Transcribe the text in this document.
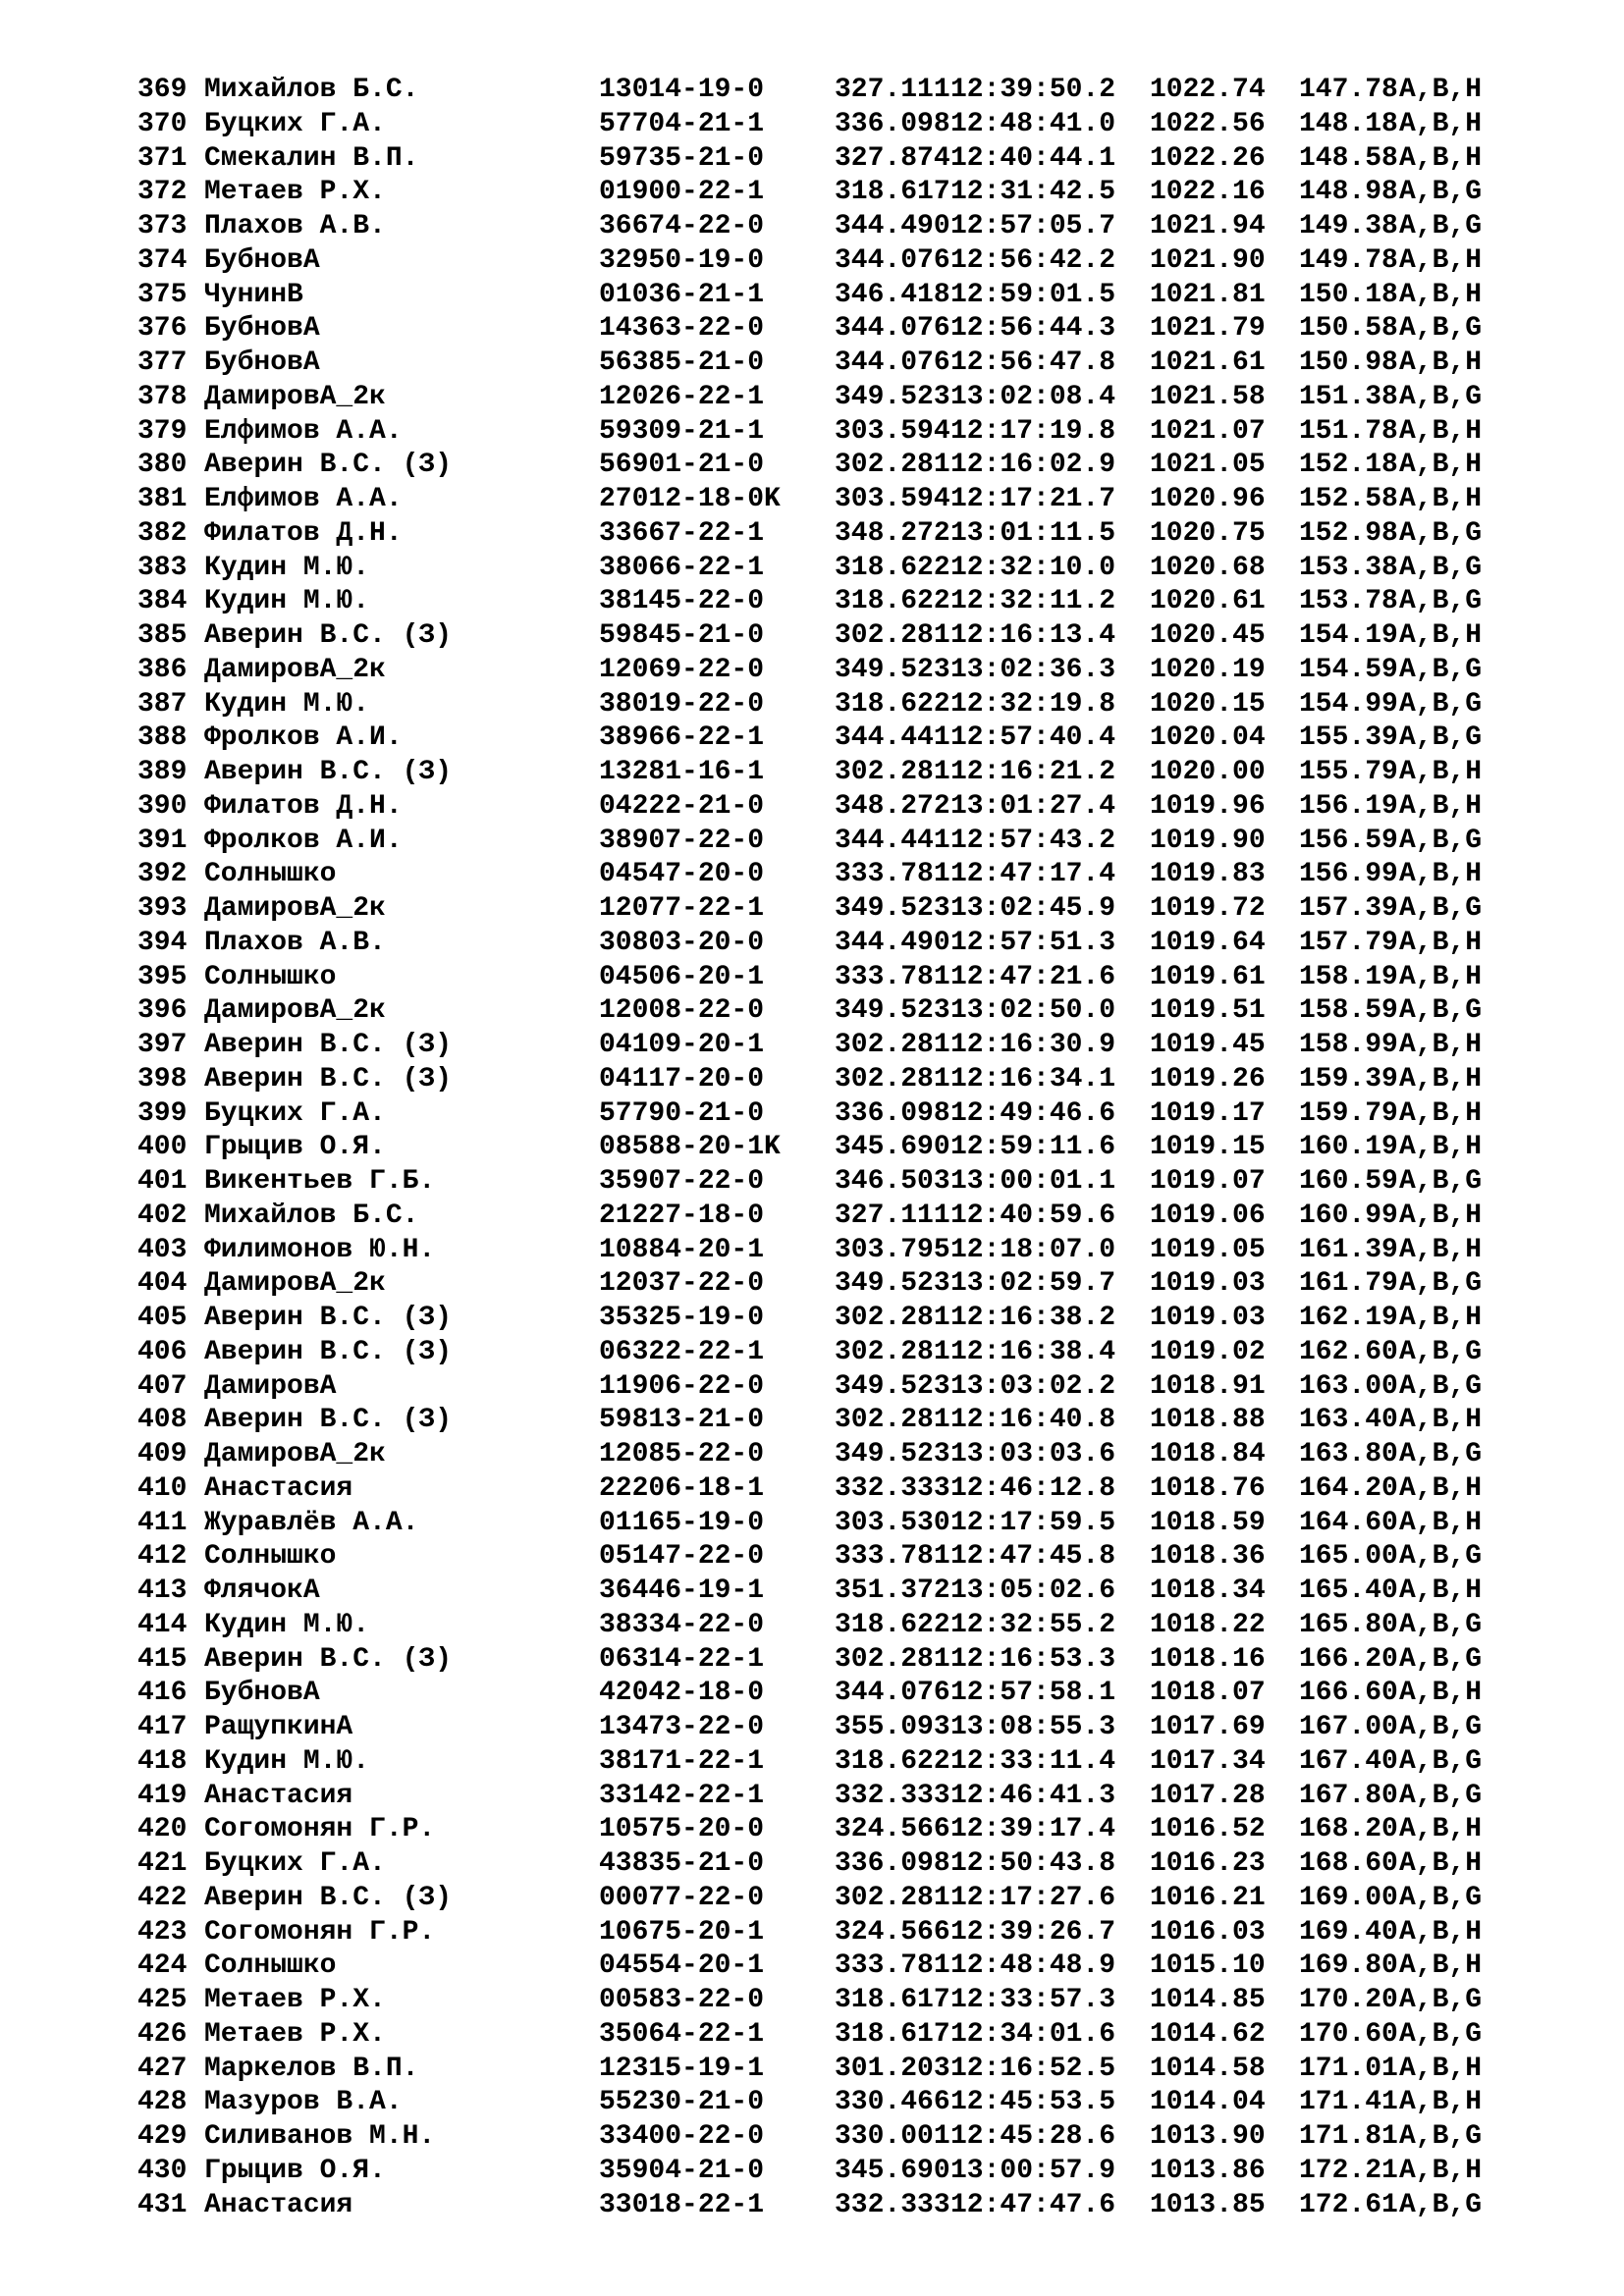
369	Михайлов Б.С.	13014-19-0	327.111	12:39:50.2	1022.74	147.78	A,B,H
370	Буцких Г.А.	57704-21-1	336.098	12:48:41.0	1022.56	148.18	A,B,H
371	Смекалин В.П.	59735-21-0	327.874	12:40:44.1	1022.26	148.58	A,B,H
372	Метаев Р.Х.	01900-22-1	318.617	12:31:42.5	1022.16	148.98	A,B,G
373	Плахов А.В.	36674-22-0	344.490	12:57:05.7	1021.94	149.38	A,B,G
374	БубновА	32950-19-0	344.076	12:56:42.2	1021.90	149.78	A,B,H
375	ЧунинВ	01036-21-1	346.418	12:59:01.5	1021.81	150.18	A,B,H
376	БубновА	14363-22-0	344.076	12:56:44.3	1021.79	150.58	A,B,G
377	БубновА	56385-21-0	344.076	12:56:47.8	1021.61	150.98	A,B,H
378	ДамировА_2к	12026-22-1	349.523	13:02:08.4	1021.58	151.38	A,B,G
379	Елфимов А.А.	59309-21-1	303.594	12:17:19.8	1021.07	151.78	A,B,H
380	Аверин В.С. (З)	56901-21-0	302.281	12:16:02.9	1021.05	152.18	A,B,H
381	Елфимов А.А.	27012-18-0K	303.594	12:17:21.7	1020.96	152.58	A,B,H
382	Филатов Д.Н.	33667-22-1	348.272	13:01:11.5	1020.75	152.98	A,B,G
383	Кудин М.Ю.	38066-22-1	318.622	12:32:10.0	1020.68	153.38	A,B,G
384	Кудин М.Ю.	38145-22-0	318.622	12:32:11.2	1020.61	153.78	A,B,G
385	Аверин В.С. (З)	59845-21-0	302.281	12:16:13.4	1020.45	154.19	A,B,H
386	ДамировА_2к	12069-22-0	349.523	13:02:36.3	1020.19	154.59	A,B,G
387	Кудин М.Ю.	38019-22-0	318.622	12:32:19.8	1020.15	154.99	A,B,G
388	Фролков А.И.	38966-22-1	344.441	12:57:40.4	1020.04	155.39	A,B,G
389	Аверин В.С. (З)	13281-16-1	302.281	12:16:21.2	1020.00	155.79	A,B,H
390	Филатов Д.Н.	04222-21-0	348.272	13:01:27.4	1019.96	156.19	A,B,H
391	Фролков А.И.	38907-22-0	344.441	12:57:43.2	1019.90	156.59	A,B,G
392	Солнышко	04547-20-0	333.781	12:47:17.4	1019.83	156.99	A,B,H
393	ДамировА_2к	12077-22-1	349.523	13:02:45.9	1019.72	157.39	A,B,G
394	Плахов А.В.	30803-20-0	344.490	12:57:51.3	1019.64	157.79	A,B,H
395	Солнышко	04506-20-1	333.781	12:47:21.6	1019.61	158.19	A,B,H
396	ДамировА_2к	12008-22-0	349.523	13:02:50.0	1019.51	158.59	A,B,G
397	Аверин В.С. (З)	04109-20-1	302.281	12:16:30.9	1019.45	158.99	A,B,H
398	Аверин В.С. (З)	04117-20-0	302.281	12:16:34.1	1019.26	159.39	A,B,H
399	Буцких Г.А.	57790-21-0	336.098	12:49:46.6	1019.17	159.79	A,B,H
400	Грыцив О.Я.	08588-20-1K	345.690	12:59:11.6	1019.15	160.19	A,B,H
401	Викентьев Г.Б.	35907-22-0	346.503	13:00:01.1	1019.07	160.59	A,B,G
402	Михайлов Б.С.	21227-18-0	327.111	12:40:59.6	1019.06	160.99	A,B,H
403	Филимонов Ю.Н.	10884-20-1	303.795	12:18:07.0	1019.05	161.39	A,B,H
404	ДамировА_2к	12037-22-0	349.523	13:02:59.7	1019.03	161.79	A,B,G
405	Аверин В.С. (З)	35325-19-0	302.281	12:16:38.2	1019.03	162.19	A,B,H
406	Аверин В.С. (З)	06322-22-1	302.281	12:16:38.4	1019.02	162.60	A,B,G
407	ДамировА	11906-22-0	349.523	13:03:02.2	1018.91	163.00	A,B,G
408	Аверин В.С. (З)	59813-21-0	302.281	12:16:40.8	1018.88	163.40	A,B,H
409	ДамировА_2к	12085-22-0	349.523	13:03:03.6	1018.84	163.80	A,B,G
410	Анастасия	22206-18-1	332.333	12:46:12.8	1018.76	164.20	A,B,H
411	Журавлёв А.А.	01165-19-0	303.530	12:17:59.5	1018.59	164.60	A,B,H
412	Солнышко	05147-22-0	333.781	12:47:45.8	1018.36	165.00	A,B,G
413	ФлячокА	36446-19-1	351.372	13:05:02.6	1018.34	165.40	A,B,H
414	Кудин М.Ю.	38334-22-0	318.622	12:32:55.2	1018.22	165.80	A,B,G
415	Аверин В.С. (З)	06314-22-1	302.281	12:16:53.3	1018.16	166.20	A,B,G
416	БубновА	42042-18-0	344.076	12:57:58.1	1018.07	166.60	A,B,H
417	РащупкинА	13473-22-0	355.093	13:08:55.3	1017.69	167.00	A,B,G
418	Кудин М.Ю.	38171-22-1	318.622	12:33:11.4	1017.34	167.40	A,B,G
419	Анастасия	33142-22-1	332.333	12:46:41.3	1017.28	167.80	A,B,G
420	Согомонян Г.Р.	10575-20-0	324.566	12:39:17.4	1016.52	168.20	A,B,H
421	Буцких Г.А.	43835-21-0	336.098	12:50:43.8	1016.23	168.60	A,B,H
422	Аверин В.С. (З)	00077-22-0	302.281	12:17:27.6	1016.21	169.00	A,B,G
423	Согомонян Г.Р.	10675-20-1	324.566	12:39:26.7	1016.03	169.40	A,B,H
424	Солнышко	04554-20-1	333.781	12:48:48.9	1015.10	169.80	A,B,H
425	Метаев Р.Х.	00583-22-0	318.617	12:33:57.3	1014.85	170.20	A,B,G
426	Метаев Р.Х.	35064-22-1	318.617	12:34:01.6	1014.62	170.60	A,B,G
427	Маркелов В.П.	12315-19-1	301.203	12:16:52.5	1014.58	171.01	A,B,H
428	Мазуров В.А.	55230-21-0	330.466	12:45:53.5	1014.04	171.41	A,B,H
429	Силиванов М.Н.	33400-22-0	330.001	12:45:28.6	1013.90	171.81	A,B,G
430	Грыцив О.Я.	35904-21-0	345.690	13:00:57.9	1013.86	172.21	A,B,H
431	Анастасия	33018-22-1	332.333	12:47:47.6	1013.85	172.61	A,B,G
